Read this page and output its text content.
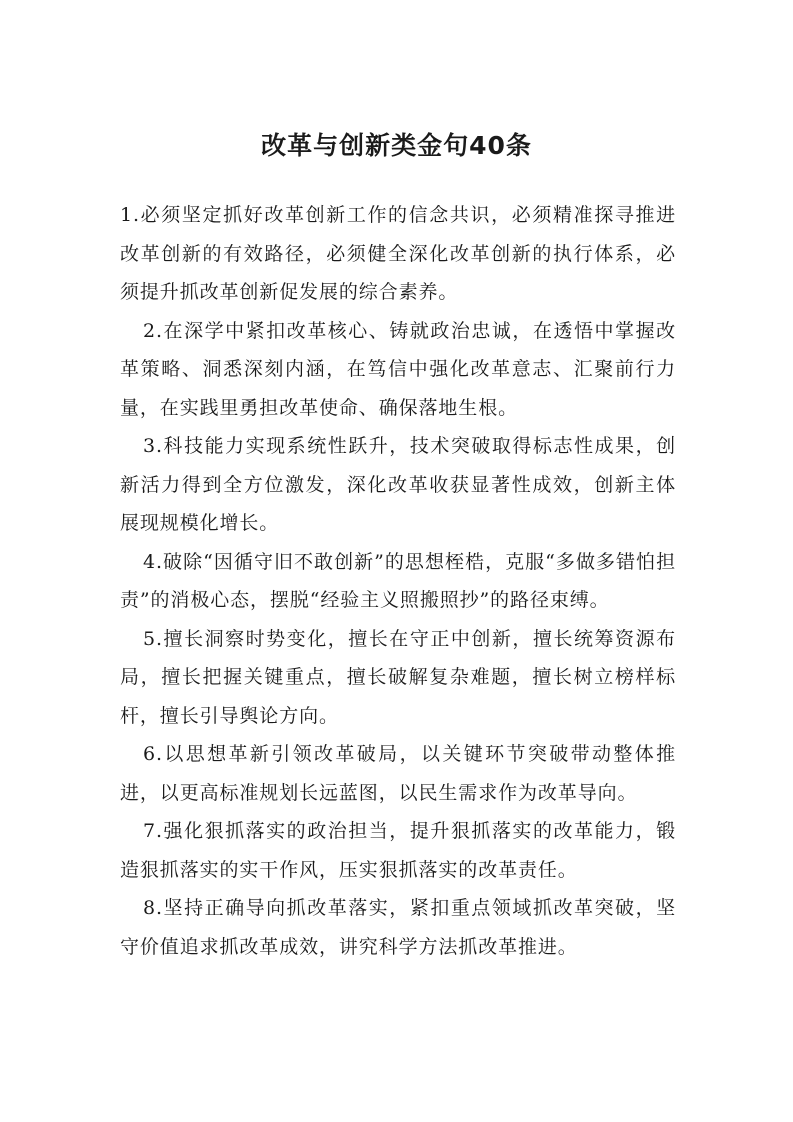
改革与创新类金句40条

1.必须坚定抓好改革创新工作的信念共识，必须精准探寻推进改革创新的有效路径，必须健全深化改革创新的执行体系，必须提升抓改革创新促发展的综合素养。

2.在深学中紧扣改革核心、铸就政治忠诚，在透悟中掌握改革策略、洞悉深刻内涵，在笃信中强化改革意志、汇聚前行力量，在实践里勇担改革使命、确保落地生根。

3.科技能力实现系统性跃升，技术突破取得标志性成果，创新活力得到全方位激发，深化改革收获显著性成效，创新主体展现规模化增长。

4.破除“因循守旧不敢创新”的思想桎梏，克服“多做多错怕担责”的消极心态，摆脱“经验主义照搬照抄”的路径束缚。

5.擅长洞察时势变化，擅长在守正中创新，擅长统筹资源布局，擅长把握关键重点，擅长破解复杂难题，擅长树立榜样标杆，擅长引导舆论方向。

6.以思想革新引领改革破局，以关键环节突破带动整体推进，以更高标准规划长远蓝图，以民生需求作为改革导向。

7.强化狠抓落实的政治担当，提升狠抓落实的改革能力，锻造狠抓落实的实干作风，压实狠抓落实的改革责任。

8.坚持正确导向抓改革落实，紧扣重点领域抓改革突破，坚守价值追求抓改革成效，讲究科学方法抓改革推进。
